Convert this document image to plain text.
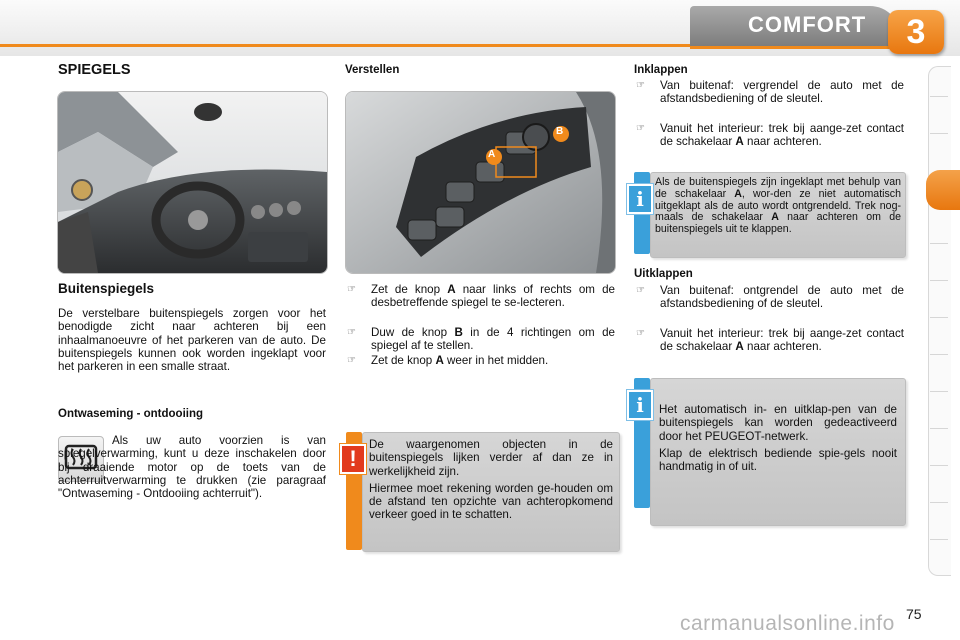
COMFORT	3
SPIEGELS
Buitenspiegels
De verstelbare buitenspiegels zorgen voor het benodigde zicht naar achteren bij een inhaalmanoeuvre of het parkeren van de auto. De buitenspiegels kunnen ook worden ingeklapt voor het parkeren in een smalle straat.
Ontwaseming - ontdooiing
Als uw auto voorzien is van spiegelverwarming, kunt u deze inschakelen door bij draaiende motor op de toets van de achterruitverwarming te drukken (zie paragraaf "Ontwaseming - Ontdooiing achterruit").
Verstellen
A
B
☞ Zet de knop A naar links of rechts om de desbetreffende spiegel te se-lecteren.
☞ Duw de knop B in de 4 richtingen om de spiegel af te stellen.
☞ Zet de knop A weer in het midden.

De waargenomen objecten in de buitenspiegels lijken verder af dan ze in werkelijkheid zijn.

Hiermee moet rekening worden ge-houden om de afstand ten opzichte van achteropkomend verkeer goed in te schatten.

!
Inklappen
☞ Van buitenaf: vergrendel de auto met de afstandsbediening of de sleutel.
☞ Vanuit het interieur: trek bij aange-zet contact de schakelaar A naar achteren.
Als de buitenspiegels zijn ingeklapt met behulp van de schakelaar A, wor-den ze niet automatisch uitgeklapt als de auto wordt ontgrendeld. Trek nog-maals de schakelaar A naar achteren om de buitenspiegels uit te klappen.
i
Uitklappen
☞ Van buitenaf: ontgrendel de auto met de afstandsbediening of de sleutel.
☞ Vanuit het interieur: trek bij aange-zet contact de schakelaar A naar achteren.

Het automatisch in- en uitklap-pen van de buitenspiegels kan worden gedeactiveerd door het PEUGEOT-netwerk.

Klap de elektrisch bediende spie-gels nooit handmatig in of uit.

i
75
carmanualsonline.info
